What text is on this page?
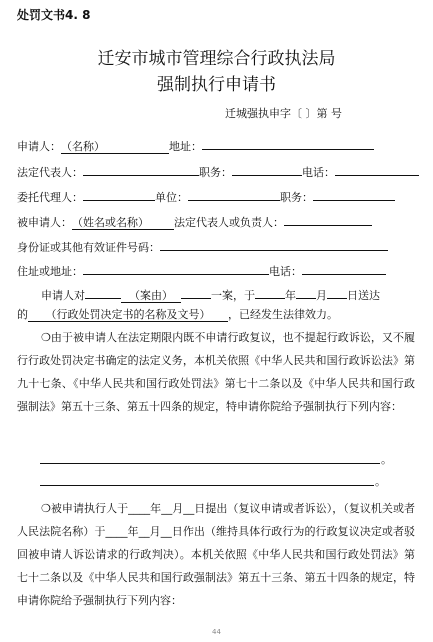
处罚文书4. 8
迁安市城市管理综合行政执法局
强制执行申请书
迁城强执申字〔 〕第 号
申请人：（名称）	地址：
法定代表人：	职务：	电话：
委托代理人：	单位：	职务：
被申请人：（姓名或名称） 法定代表人或负责人：
身份证或其他有效证件号码：
住址或地址：	电话：
申请人对	（案由）	一案，于	年 月 日送达
的 （行政处罚决定书的名称及文号） ，已经发生法律效力。
❍由于被申请人在法定期限内既不申请行政复议，也不提起行政诉讼，又不履行行政处罚决定书确定的法定义务，本机关依照《中华人民共和国行政诉讼法》第九十七条、《中华人民共和国行政处罚法》第七十二条以及《中华人民共和国行政强制法》第五十三条、第五十四条的规定，特申请你院给予强制执行下列内容：
。
。
❍被申请执行人于____年__月__日提出（复议申请或者诉讼），（复议机关或者人民法院名称）于____年__月__日作出（维持具体行政行为的行政复议决定或者驳回被申请人诉讼请求的行政判决）。本机关依照《中华人民共和国行政处罚法》第七十二条以及《中华人民共和国行政强制法》第五十三条、第五十四条的规定，特申请你院给予强制执行下列内容：
44
